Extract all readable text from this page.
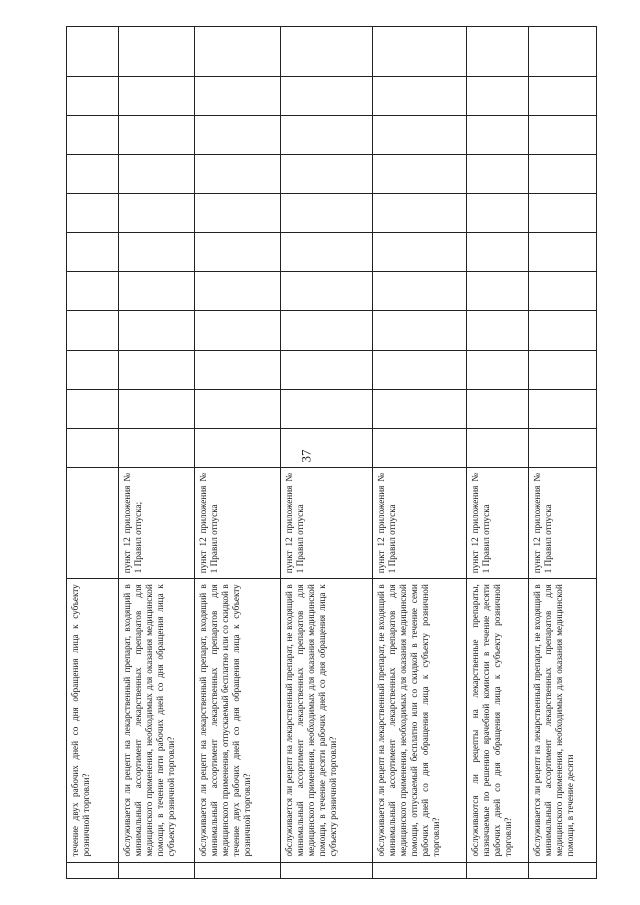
37
	течение двух рабочих дней со дня обращения лица к субъекту розничной торговли?												
	обслуживается ли рецепт на лекарственный препарат, входящий в минимальный ассортимент лекарственных препаратов для медицинского применения, необходимых для оказания медицинской помощи, в течение пяти рабочих дней со дня обращения лица к субъекту розничной торговли?	пункт 12 приложения № 1 Правил отпуска;											
	обслуживается ли рецепт на лекарственный препарат, входящий в минимальный ассортимент лекарственных препаратов для медицинского применения, отпускаемый бесплатно или со скидкой в течение двух рабочих дней со дня обращения лица к субъекту розничной торговли?	пункт 12 приложения № 1 Правил отпуска											
	обслуживается ли рецепт на лекарственный препарат, не входящий в минимальный ассортимент лекарственных препаратов для медицинского применения, необходимых для оказания медицинской помощи, в течение десяти рабочих дней со дня обращения лица к субъекту розничной торговли?	пункт 12 приложения № 1 Правил отпуска											
	обслуживается ли рецепт на лекарственный препарат, не входящий в минимальный ассортимент лекарственных препаратов для медицинского применения, необходимых для оказания медицинской помощи, отпускаемый бесплатно или со скидкой в течение семи рабочих дней со дня обращения лица к субъекту розничной торговли?	пункт 12 приложения № 1 Правил отпуска											
	обслуживаются ли рецепты на лекарственные препараты, назначаемые по решению врачебной комиссии в течение десяти рабочих дней со дня обращения лица к субъекту розничной торговли?	пункт 12 приложения № 1 Правил отпуска											
	обслуживается ли рецепт на лекарственный препарат, не входящий в минимальный ассортимент лекарственных препаратов для медицинского применения, необходимых для оказания медицинской помощи, в течение десяти	пункт 12 приложения № 1 Правил отпуска											
